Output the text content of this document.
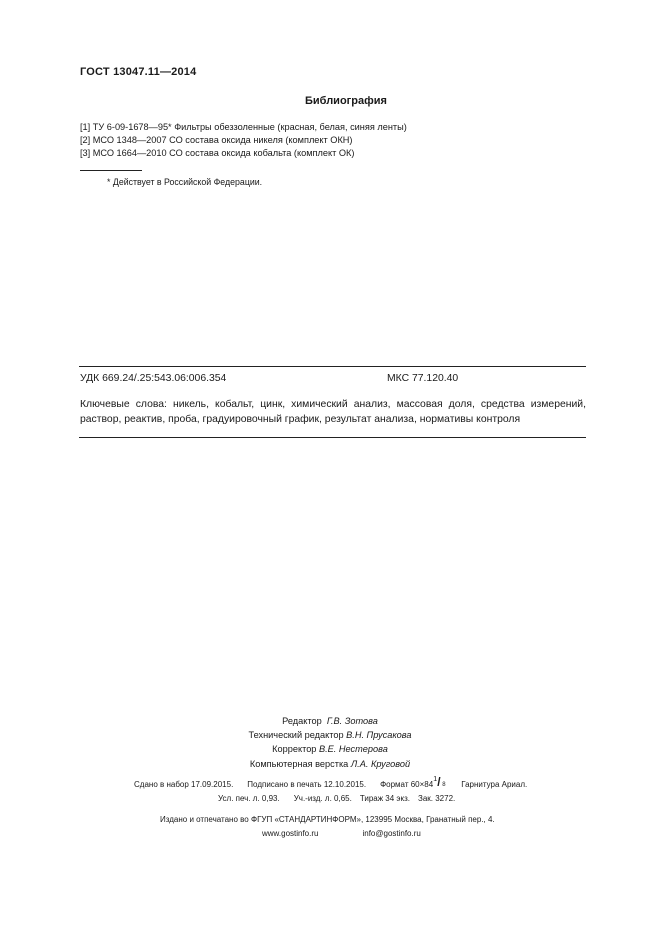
ГОСТ 13047.11—2014
Библиография
[1] ТУ 6-09-1678—95* Фильтры обеззоленные (красная, белая, синяя ленты)
[2] МСО 1348—2007 СО состава оксида никеля (комплект ОКН)
[3] МСО 1664—2010 СО состава оксида кобальта (комплект ОК)
* Действует в Российской Федерации.
УДК 669.24/.25:543.06:006.354	МКС 77.120.40
Ключевые слова: никель, кобальт, цинк, химический анализ, массовая доля, средства измерений, раствор, реактив, проба, градуировочный график, результат анализа, нормативы контроля
Редактор Г.В. Зотова
Технический редактор В.Н. Прусакова
Корректор В.Е. Нестерова
Компьютерная верстка Л.А. Круговой
Сдано в набор 17.09.2015. Подписано в печать 12.10.2015. Формат 60×84
1 / 8 Гарнитура Ариал.
Усл. печ. л. 0,93. Уч.-изд. л. 0,65. Тираж 34 экз. Зак. 3272.
Издано и отпечатано во ФГУП «СТАНДАРТИНФОРМ», 123995 Москва, Гранатный пер., 4.
www.gostinfo.ru	info@gostinfo.ru
